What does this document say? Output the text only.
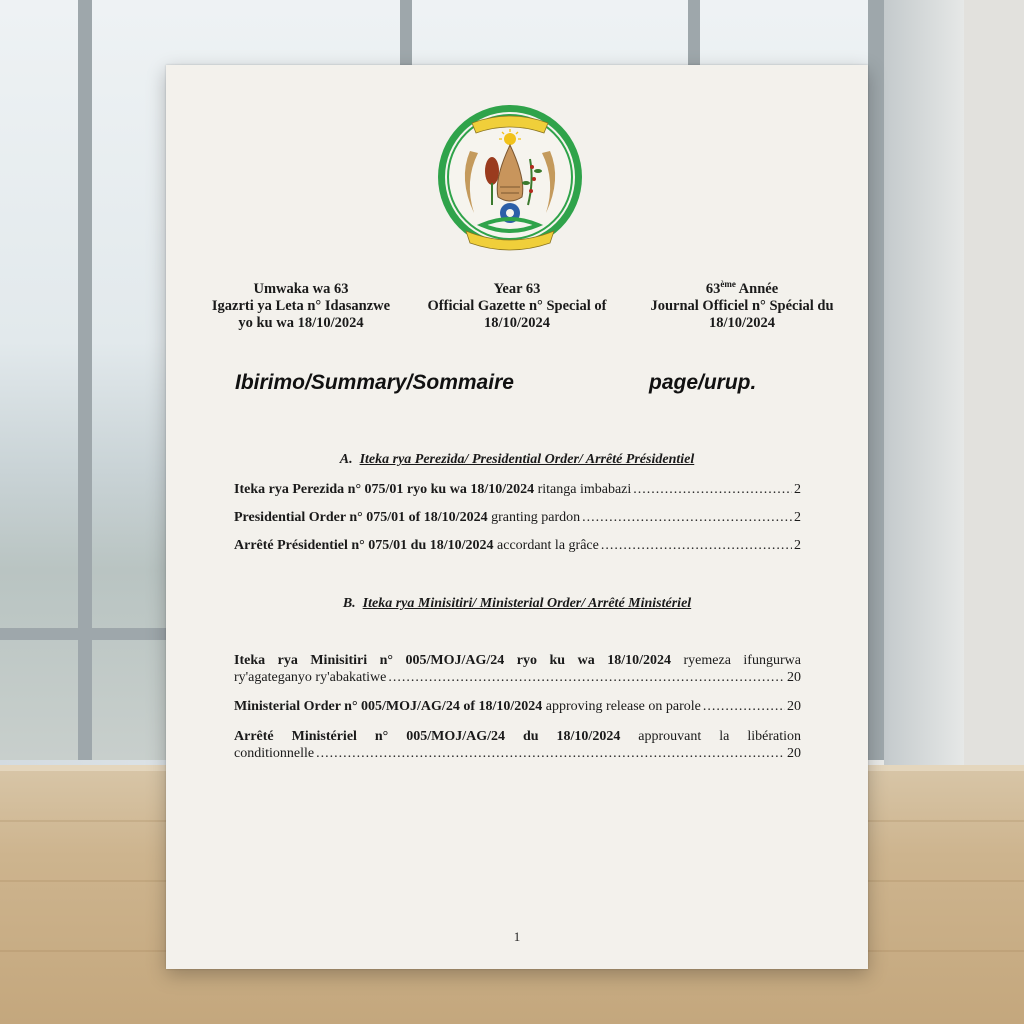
Umwaka wa 63
Igazrti ya Leta n° Idasanzwe
yo ku wa 18/10/2024
Year 63
Official Gazette n° Special of
18/10/2024
63ème Année
Journal Officiel n° Spécial du
18/10/2024
Ibirimo/Summary/Sommaire	page/urup.
A. Iteka rya Perezida/ Presidential Order/ Arrêté Présidentiel
Iteka rya Perezida n° 075/01 ryo ku wa 18/10/2024 ritanga imbabazi .....	2
Presidential Order n° 075/01 of 18/10/2024 granting pardon .....	2
Arrêté Présidentiel n° 075/01 du 18/10/2024 accordant la grâce .....	2
B. Iteka rya Minisitiri/ Ministerial Order/ Arrêté Ministériel
Iteka rya Minisitiri n° 005/MOJ/AG/24 ryo ku wa 18/10/2024 ryemeza ifungurwa
ry'agateganyo ry'abakatiwe .....	20
Ministerial Order n° 005/MOJ/AG/24 of 18/10/2024 approving release on parole .....	20
Arrêté Ministériel n° 005/MOJ/AG/24 du 18/10/2024 approuvant la libération
conditionnelle .....	20
1
